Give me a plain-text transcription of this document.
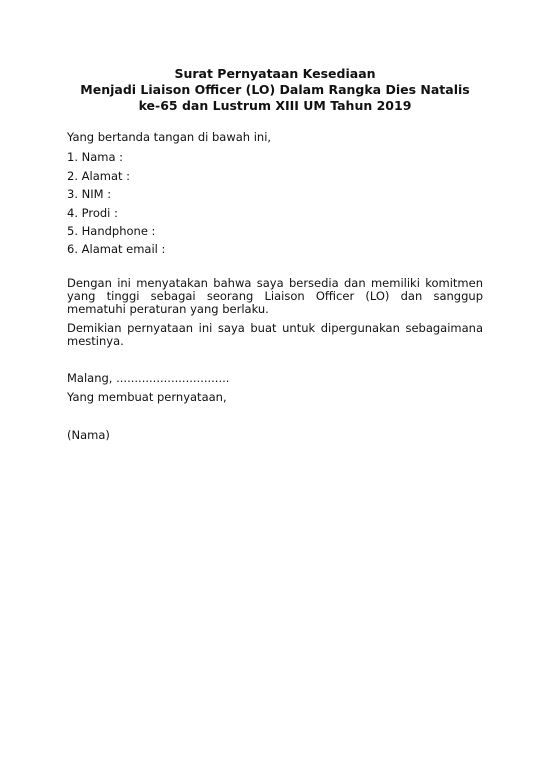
Surat Pernyataan Kesediaan
Menjadi Liaison Officer (LO) Dalam Rangka Dies Natalis
ke-65 dan Lustrum XIII UM Tahun 2019
Yang bertanda tangan di bawah ini,
1. Nama :
2. Alamat :
3. NIM :
4. Prodi :
5. Handphone :
6. Alamat email :
Dengan ini menyatakan bahwa saya bersedia dan memiliki komitmen yang tinggi sebagai seorang Liaison Officer (LO) dan sanggup mematuhi peraturan yang berlaku.
Demikian pernyataan ini saya buat untuk dipergunakan sebagaimana mestinya.
Malang, ...............................
Yang membuat pernyataan,
(Nama)
